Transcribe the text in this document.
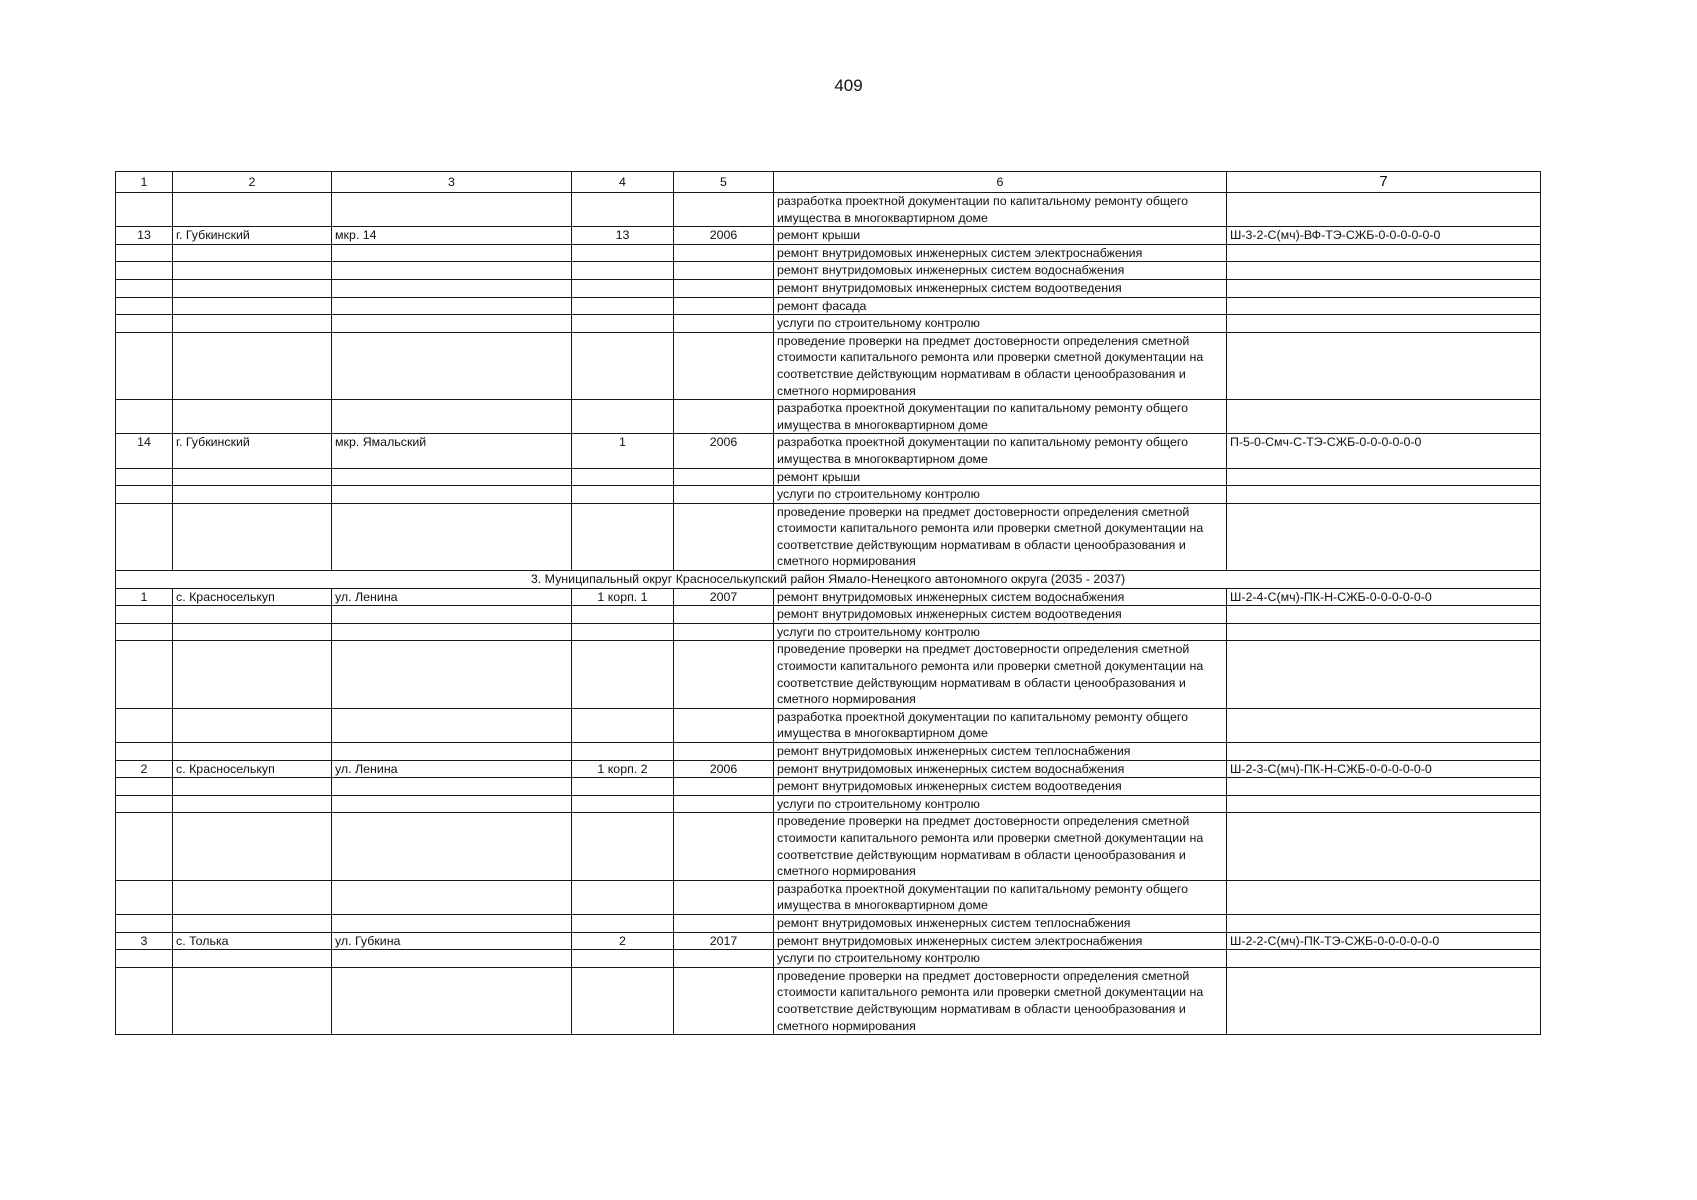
409
1	2	3	4	5	6	7
					разработка проектной документации по капитальному ремонту общего имущества в многоквартирном доме	
13	г. Губкинский	мкр. 14	13	2006	ремонт крыши	Ш-3-2-С(мч)-ВФ-ТЭ-СЖБ-0-0-0-0-0-0
					ремонт внутридомовых инженерных систем электроснабжения	
					ремонт внутридомовых инженерных систем водоснабжения	
					ремонт внутридомовых инженерных систем водоотведения	
					ремонт фасада	
					услуги по строительному контролю	
					проведение проверки на предмет достоверности определения сметной стоимости капитального ремонта или проверки сметной документации на соответствие действующим нормативам в области ценообразования и сметного нормирования	
					разработка проектной документации по капитальному ремонту общего имущества в многоквартирном доме	
14	г. Губкинский	мкр. Ямальский	1	2006	разработка проектной документации по капитальному ремонту общего имущества в многоквартирном доме	П-5-0-Смч-С-ТЭ-СЖБ-0-0-0-0-0-0
					ремонт крыши	
					услуги по строительному контролю	
					проведение проверки на предмет достоверности определения сметной стоимости капитального ремонта или проверки сметной документации на соответствие действующим нормативам в области ценообразования и сметного нормирования	
3. Муниципальный округ Красноселькупский район Ямало-Ненецкого автономного округа (2035 - 2037)						
1	с. Красноселькуп	ул. Ленина	1 корп. 1	2007	ремонт внутридомовых инженерных систем водоснабжения	Ш-2-4-С(мч)-ПК-Н-СЖБ-0-0-0-0-0-0
					ремонт внутридомовых инженерных систем водоотведения	
					услуги по строительному контролю	
					проведение проверки на предмет достоверности определения сметной стоимости капитального ремонта или проверки сметной документации на соответствие действующим нормативам в области ценообразования и сметного нормирования	
					разработка проектной документации по капитальному ремонту общего имущества в многоквартирном доме	
					ремонт внутридомовых инженерных систем теплоснабжения	
2	с. Красноселькуп	ул. Ленина	1 корп. 2	2006	ремонт внутридомовых инженерных систем водоснабжения	Ш-2-3-С(мч)-ПК-Н-СЖБ-0-0-0-0-0-0
					ремонт внутридомовых инженерных систем водоотведения	
					услуги по строительному контролю	
					проведение проверки на предмет достоверности определения сметной стоимости капитального ремонта или проверки сметной документации на соответствие действующим нормативам в области ценообразования и сметного нормирования	
					разработка проектной документации по капитальному ремонту общего имущества в многоквартирном доме	
					ремонт внутридомовых инженерных систем теплоснабжения	
3	с. Толька	ул. Губкина	2	2017	ремонт внутридомовых инженерных систем электроснабжения	Ш-2-2-С(мч)-ПК-ТЭ-СЖБ-0-0-0-0-0-0
					услуги по строительному контролю	
					проведение проверки на предмет достоверности определения сметной стоимости капитального ремонта или проверки сметной документации на соответствие действующим нормативам в области ценообразования и сметного нормирования	
